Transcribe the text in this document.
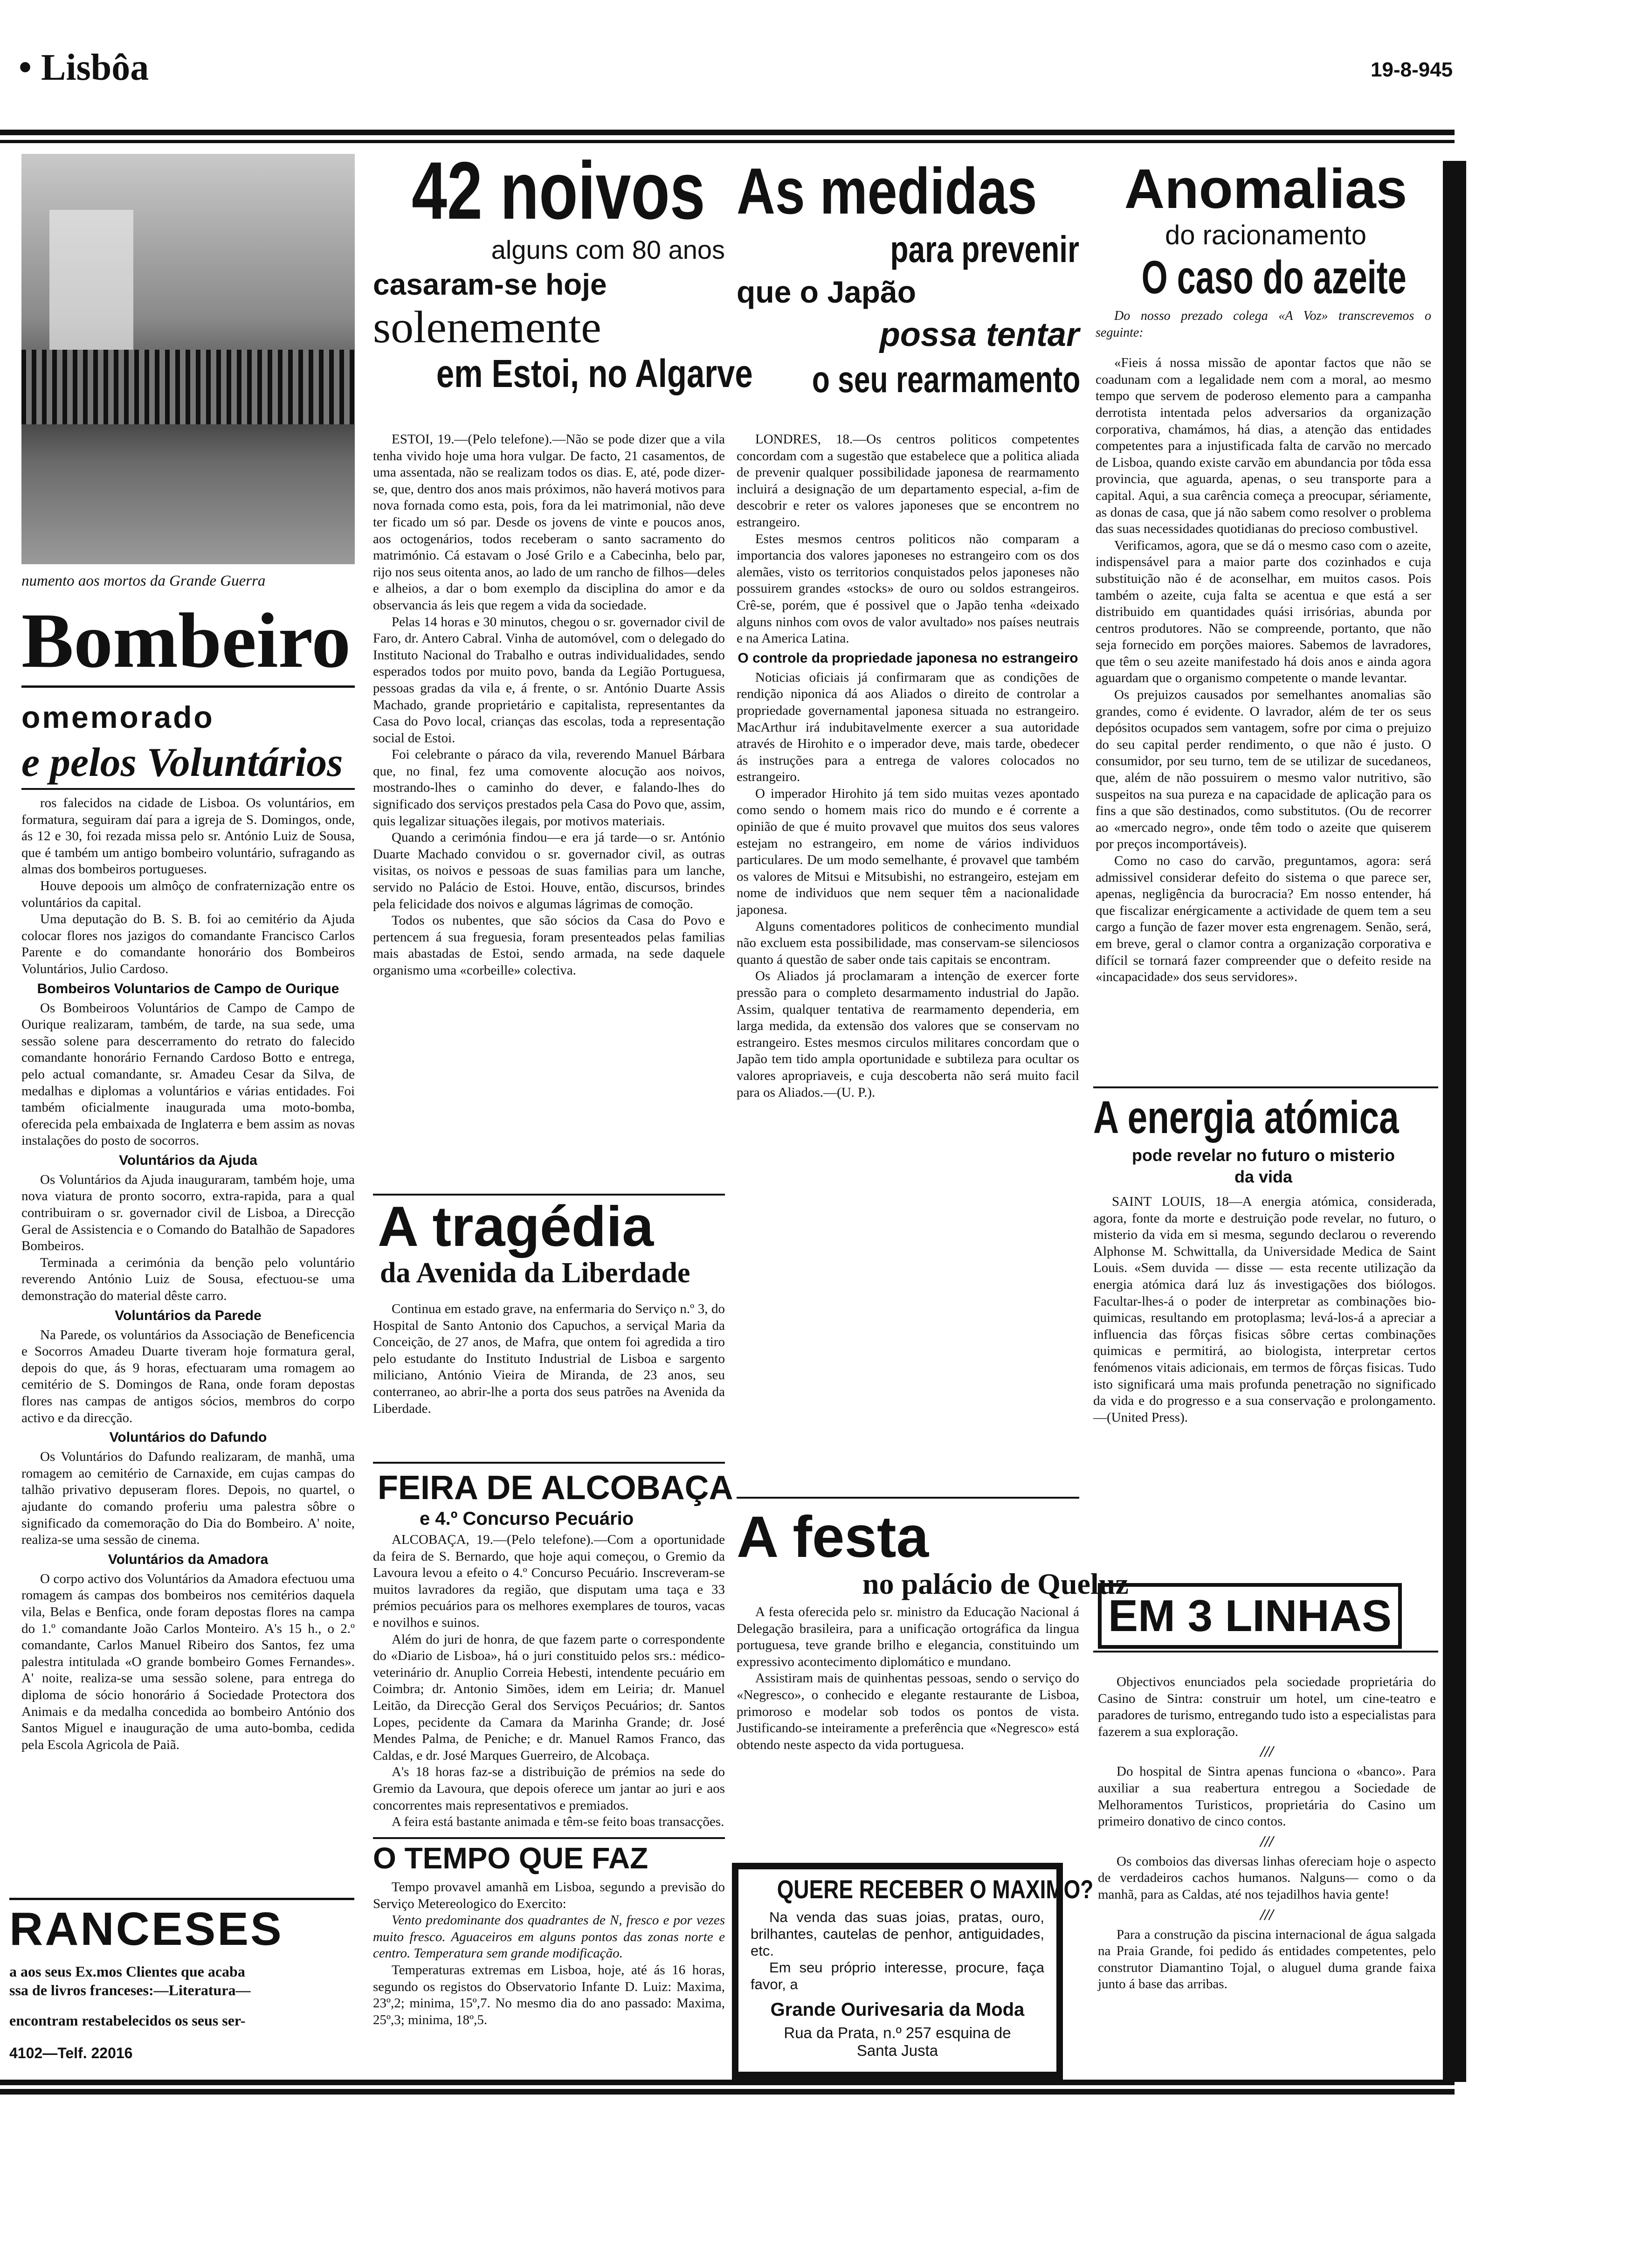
• Lisbôa	19-8-945
numento aos mortos da Grande Guerra
Bombeiro
omemorado
e pelos Voluntários

ros falecidos na cidade de Lisboa. Os voluntários, em formatura, seguiram daí para a igreja de S. Domingos, onde, ás 12 e 30, foi rezada missa pelo sr. António Luiz de Sousa, que é também um antigo bombeiro voluntário, sufragando as almas dos bombeiros portugueses.

Houve depoois um almôço de confraternização entre os voluntários da capital.

Uma deputação do B. S. B. foi ao cemitério da Ajuda colocar flores nos jazigos do comandante Francisco Carlos Parente e do comandante honorário dos Bombeiros Voluntários, Julio Cardoso.

Bombeiros Voluntarios de Campo de Ourique

Os Bombeiroos Voluntários de Campo de Campo de Ourique realizaram, também, de tarde, na sua sede, uma sessão solene para descerramento do retrato do falecido comandante honorário Fernando Cardoso Botto e entrega, pelo actual comandante, sr. Amadeu Cesar da Silva, de medalhas e diplomas a voluntários e várias entidades. Foi também oficialmente inaugurada uma moto-bomba, oferecida pela embaixada de Inglaterra e bem assim as novas instalações do posto de socorros.

Voluntários da Ajuda

Os Voluntários da Ajuda inauguraram, também hoje, uma nova viatura de pronto socorro, extra-rapida, para a qual contribuiram o sr. governador civil de Lisboa, a Direcção Geral de Assistencia e o Comando do Batalhão de Sapadores Bombeiros.

Terminada a cerimónia da benção pelo voluntário reverendo António Luiz de Sousa, efectuou-se uma demonstração do material dêste carro.

Voluntários da Parede

Na Parede, os voluntários da Associação de Beneficencia e Socorros Amadeu Duarte tiveram hoje formatura geral, depois do que, ás 9 horas, efectuaram uma romagem ao cemitério de S. Domingos de Rana, onde foram depostas flores nas campas de antigos sócios, membros do corpo activo e da direcção.

Voluntários do Dafundo

Os Voluntários do Dafundo realizaram, de manhã, uma romagem ao cemitério de Carnaxide, em cujas campas do talhão privativo depuseram flores. Depois, no quartel, o ajudante do comando proferiu uma palestra sôbre o significado da comemoração do Dia do Bombeiro. A' noite, realiza-se uma sessão de cinema.

Voluntários da Amadora

O corpo activo dos Voluntários da Amadora efectuou uma romagem ás campas dos bombeiros nos cemitérios daquela vila, Belas e Benfica, onde foram depostas flores na campa do 1.º comandante João Carlos Monteiro. A's 15 h., o 2.º comandante, Carlos Manuel Ribeiro dos Santos, fez uma palestra intitulada «O grande bombeiro Gomes Fernandes». A' noite, realiza-se uma sessão solene, para entrega do diploma de sócio honorário á Sociedade Protectora dos Animais e da medalha concedida ao bombeiro António dos Santos Miguel e inauguração de uma auto-bomba, cedida pela Escola Agricola de Paiã.

RANCESES
a aos seus Ex.mos Clientes que acaba
ssa de livros franceses:—Literatura—
encontram restabelecidos os seus ser-
4102—Telf. 22016
42 noivos
alguns com 80 anos
casaram-se hoje
solenemente
em Estoi, no Algarve

ESTOI, 19.—(Pelo telefone).—Não se pode dizer que a vila tenha vivido hoje uma hora vulgar. De facto, 21 casamentos, de uma assentada, não se realizam todos os dias. E, até, pode dizer-se, que, dentro dos anos mais próximos, não haverá motivos para nova fornada como esta, pois, fora da lei matrimonial, não deve ter ficado um só par. Desde os jovens de vinte e poucos anos, aos octogenários, todos receberam o santo sacramento do matrimónio. Cá estavam o José Grilo e a Cabecinha, belo par, rijo nos seus oitenta anos, ao lado de um rancho de filhos—deles e alheios, a dar o bom exemplo da disciplina do amor e da observancia ás leis que regem a vida da sociedade.

Pelas 14 horas e 30 minutos, chegou o sr. governador civil de Faro, dr. Antero Cabral. Vinha de automóvel, com o delegado do Instituto Nacional do Trabalho e outras individualidades, sendo esperados todos por muito povo, banda da Legião Portuguesa, pessoas gradas da vila e, á frente, o sr. António Duarte Assis Machado, grande proprietário e capitalista, representantes da Casa do Povo local, crianças das escolas, toda a representação social de Estoi.

Foi celebrante o páraco da vila, reverendo Manuel Bárbara que, no final, fez uma comovente alocução aos noivos, mostrando-lhes o caminho do dever, e falando-lhes do significado dos serviços prestados pela Casa do Povo que, assim, quis legalizar situações ilegais, por motivos materiais.

Quando a cerimónia findou—e era já tarde—o sr. António Duarte Machado convidou o sr. governador civil, as outras visitas, os noivos e pessoas de suas familias para um lanche, servido no Palácio de Estoi. Houve, então, discursos, brindes pela felicidade dos noivos e algumas lágrimas de comoção.

Todos os nubentes, que são sócios da Casa do Povo e pertencem á sua freguesia, foram presenteados pelas familias mais abastadas de Estoi, sendo armada, na sede daquele organismo uma «corbeille» colectiva.

A tragédia
da Avenida da Liberdade

Continua em estado grave, na enfermaria do Serviço n.º 3, do Hospital de Santo Antonio dos Capuchos, a serviçal Maria da Conceição, de 27 anos, de Mafra, que ontem foi agredida a tiro pelo estudante do Instituto Industrial de Lisboa e sargento miliciano, António Vieira de Miranda, de 23 anos, seu conterraneo, ao abrir-lhe a porta dos seus patrões na Avenida da Liberdade.

FEIRA DE ALCOBAÇA
e 4.º Concurso Pecuário

ALCOBAÇA, 19.—(Pelo telefone).—Com a oportunidade da feira de S. Bernardo, que hoje aqui começou, o Gremio da Lavoura levou a efeito o 4.º Concurso Pecuário. Inscreveram-se muitos lavradores da região, que disputam uma taça e 33 prémios pecuários para os melhores exemplares de touros, vacas e novilhos e suinos.

Além do juri de honra, de que fazem parte o correspondente do «Diario de Lisboa», há o juri constituido pelos srs.: médico-veterinário dr. Anuplio Correia Hebesti, intendente pecuário em Coimbra; dr. Antonio Simões, idem em Leiria; dr. Manuel Leitão, da Direcção Geral dos Serviços Pecuários; dr. Santos Lopes, pecidente da Camara da Marinha Grande; dr. José Mendes Palma, de Peniche; e dr. Manuel Ramos Franco, das Caldas, e dr. José Marques Guerreiro, de Alcobaça.

A's 18 horas faz-se a distribuição de prémios na sede do Gremio da Lavoura, que depois oferece um jantar ao juri e aos concorrentes mais representativos e premiados.

A feira está bastante animada e têm-se feito boas transacções.

O TEMPO QUE FAZ

Tempo provavel amanhã em Lisboa, segundo a previsão do Serviço Metereologico do Exercito:

Vento predominante dos quadrantes de N, fresco e por vezes muito fresco. Aguaceiros em alguns pontos das zonas norte e centro. Temperatura sem grande modificação.

Temperaturas extremas em Lisboa, hoje, até ás 16 horas, segundo os registos do Observatorio Infante D. Luiz: Maxima, 23º,2; minima, 15º,7. No mesmo dia do ano passado: Maxima, 25º,3; minima, 18º,5.

As medidas
para prevenir
que o Japão
possa tentar
o seu rearmamento

LONDRES, 18.—Os centros politicos competentes concordam com a sugestão que estabelece que a politica aliada de prevenir qualquer possibilidade japonesa de rearmamento incluirá a designação de um departamento especial, a-fim de descobrir e reter os valores japoneses que se encontrem no estrangeiro.

Estes mesmos centros politicos não comparam a importancia dos valores japoneses no estrangeiro com os dos alemães, visto os territorios conquistados pelos japoneses não possuirem grandes «stocks» de ouro ou soldos estrangeiros. Crê-se, porém, que é possivel que o Japão tenha «deixado alguns ninhos com ovos de valor avultado» nos países neutrais e na America Latina.

O controle da propriedade japonesa no estrangeiro

Noticias oficiais já confirmaram que as condições de rendição niponica dá aos Aliados o direito de controlar a propriedade governamental japonesa situada no estrangeiro. MacArthur irá indubitavelmente exercer a sua autoridade através de Hirohito e o imperador deve, mais tarde, obedecer ás instruções para a entrega de valores colocados no estrangeiro.

O imperador Hirohito já tem sido muitas vezes apontado como sendo o homem mais rico do mundo e é corrente a opinião de que é muito provavel que muitos dos seus valores estejam no estrangeiro, em nome de vários individuos particulares. De um modo semelhante, é provavel que também os valores de Mitsui e Mitsubishi, no estrangeiro, estejam em nome de individuos que nem sequer têm a nacionalidade japonesa.

Alguns comentadores politicos de conhecimento mundial não excluem esta possibilidade, mas conservam-se silenciosos quanto á questão de saber onde tais capitais se encontram.

Os Aliados já proclamaram a intenção de exercer forte pressão para o completo desarmamento industrial do Japão. Assim, qualquer tentativa de rearmamento dependeria, em larga medida, da extensão dos valores que se conservam no estrangeiro. Estes mesmos circulos militares concordam que o Japão tem tido ampla oportunidade e subtileza para ocultar os valores apropriaveis, e cuja descoberta não será muito facil para os Aliados.—(U. P.).

A festa
no palácio de Queluz

A festa oferecida pelo sr. ministro da Educação Nacional á Delegação brasileira, para a unificação ortográfica da lingua portuguesa, teve grande brilho e elegancia, constituindo um expressivo acontecimento diplomático e mundano.

Assistiram mais de quinhentas pessoas, sendo o serviço do «Negresco», o conhecido e elegante restaurante de Lisboa, primoroso e modelar sob todos os pontos de vista. Justificando-se inteiramente a preferência que «Negresco» está obtendo neste aspecto da vida portuguesa.

QUERE RECEBER O MAXIMO?
Na venda das suas joias, pratas, ouro, brilhantes, cautelas de penhor, antiguidades, etc.
Em seu próprio interesse, procure, faça favor, a
Grande Ourivesaria da Moda
Rua da Prata, n.º 257 esquina de Santa Justa
Anomalias
do racionamento
O caso do azeite

Do nosso prezado colega «A Voz» transcrevemos o seguinte:

«Fieis á nossa missão de apontar factos que não se coadunam com a legalidade nem com a moral, ao mesmo tempo que servem de poderoso elemento para a campanha derrotista intentada pelos adversarios da organização corporativa, chamámos, há dias, a atenção das entidades competentes para a injustificada falta de carvão no mercado de Lisboa, quando existe carvão em abundancia por tôda essa provincia, que aguarda, apenas, o seu transporte para a capital. Aqui, a sua carência começa a preocupar, sériamente, as donas de casa, que já não sabem como resolver o problema das suas necessidades quotidianas do precioso combustivel.

Verificamos, agora, que se dá o mesmo caso com o azeite, indispensável para a maior parte dos cozinhados e cuja substituição não é de aconselhar, em muitos casos. Pois também o azeite, cuja falta se acentua e que está a ser distribuido em quantidades quási irrisórias, abunda por centros produtores. Não se compreende, portanto, que não seja fornecido em porções maiores. Sabemos de lavradores, que têm o seu azeite manifestado há dois anos e ainda agora aguardam que o organismo competente o mande levantar.

Os prejuizos causados por semelhantes anomalias são grandes, como é evidente. O lavrador, além de ter os seus depósitos ocupados sem vantagem, sofre por cima o prejuizo do seu capital perder rendimento, o que não é justo. O consumidor, por seu turno, tem de se utilizar de sucedaneos, que, além de não possuirem o mesmo valor nutritivo, são suspeitos na sua pureza e na capacidade de aplicação para os fins a que são destinados, como substitutos. (Ou de recorrer ao «mercado negro», onde têm todo o azeite que quiserem por preços incomportáveis).

Como no caso do carvão, preguntamos, agora: será admissivel considerar defeito do sistema o que parece ser, apenas, negligência da burocracia? Em nosso entender, há que fiscalizar enérgicamente a actividade de quem tem a seu cargo a função de fazer mover esta engrenagem. Senão, será, em breve, geral o clamor contra a organização corporativa e difícil se tornará fazer compreender que o defeito reside na «incapacidade» dos seus servidores».

A energia atómica
pode revelar no futuro o misterio da vida

SAINT LOUIS, 18—A energia atómica, considerada, agora, fonte da morte e destruição pode revelar, no futuro, o misterio da vida em si mesma, segundo declarou o reverendo Alphonse M. Schwittalla, da Universidade Medica de Saint Louis. «Sem duvida — disse — esta recente utilização da energia atómica dará luz ás investigações dos biólogos. Facultar-lhes-á o poder de interpretar as combinações bio-quimicas, resultando em protoplasma; levá-los-á a apreciar a influencia das fôrças fisicas sôbre certas combinações quimicas e permitirá, ao biologista, interpretar certos fenómenos vitais adicionais, em termos de fôrças fisicas. Tudo isto significará uma mais profunda penetração no significado da vida e do progresso e a sua conservação e prolongamento.—(United Press).

EM 3 LINHAS

Objectivos enunciados pela sociedade proprietária do Casino de Sintra: construir um hotel, um cine-teatro e paradores de turismo, entregando tudo isto a especialistas para fazerem a sua exploração.

///

Do hospital de Sintra apenas funciona o «banco». Para auxiliar a sua reabertura entregou a Sociedade de Melhoramentos Turisticos, proprietária do Casino um primeiro donativo de cinco contos.

///

Os comboios das diversas linhas ofereciam hoje o aspecto de verdadeiros cachos humanos. Nalguns— como o da manhã, para as Caldas, até nos tejadilhos havia gente!

///

Para a construção da piscina internacional de água salgada na Praia Grande, foi pedido ás entidades competentes, pelo construtor Diamantino Tojal, o aluguel duma grande faixa junto á base das arribas.
